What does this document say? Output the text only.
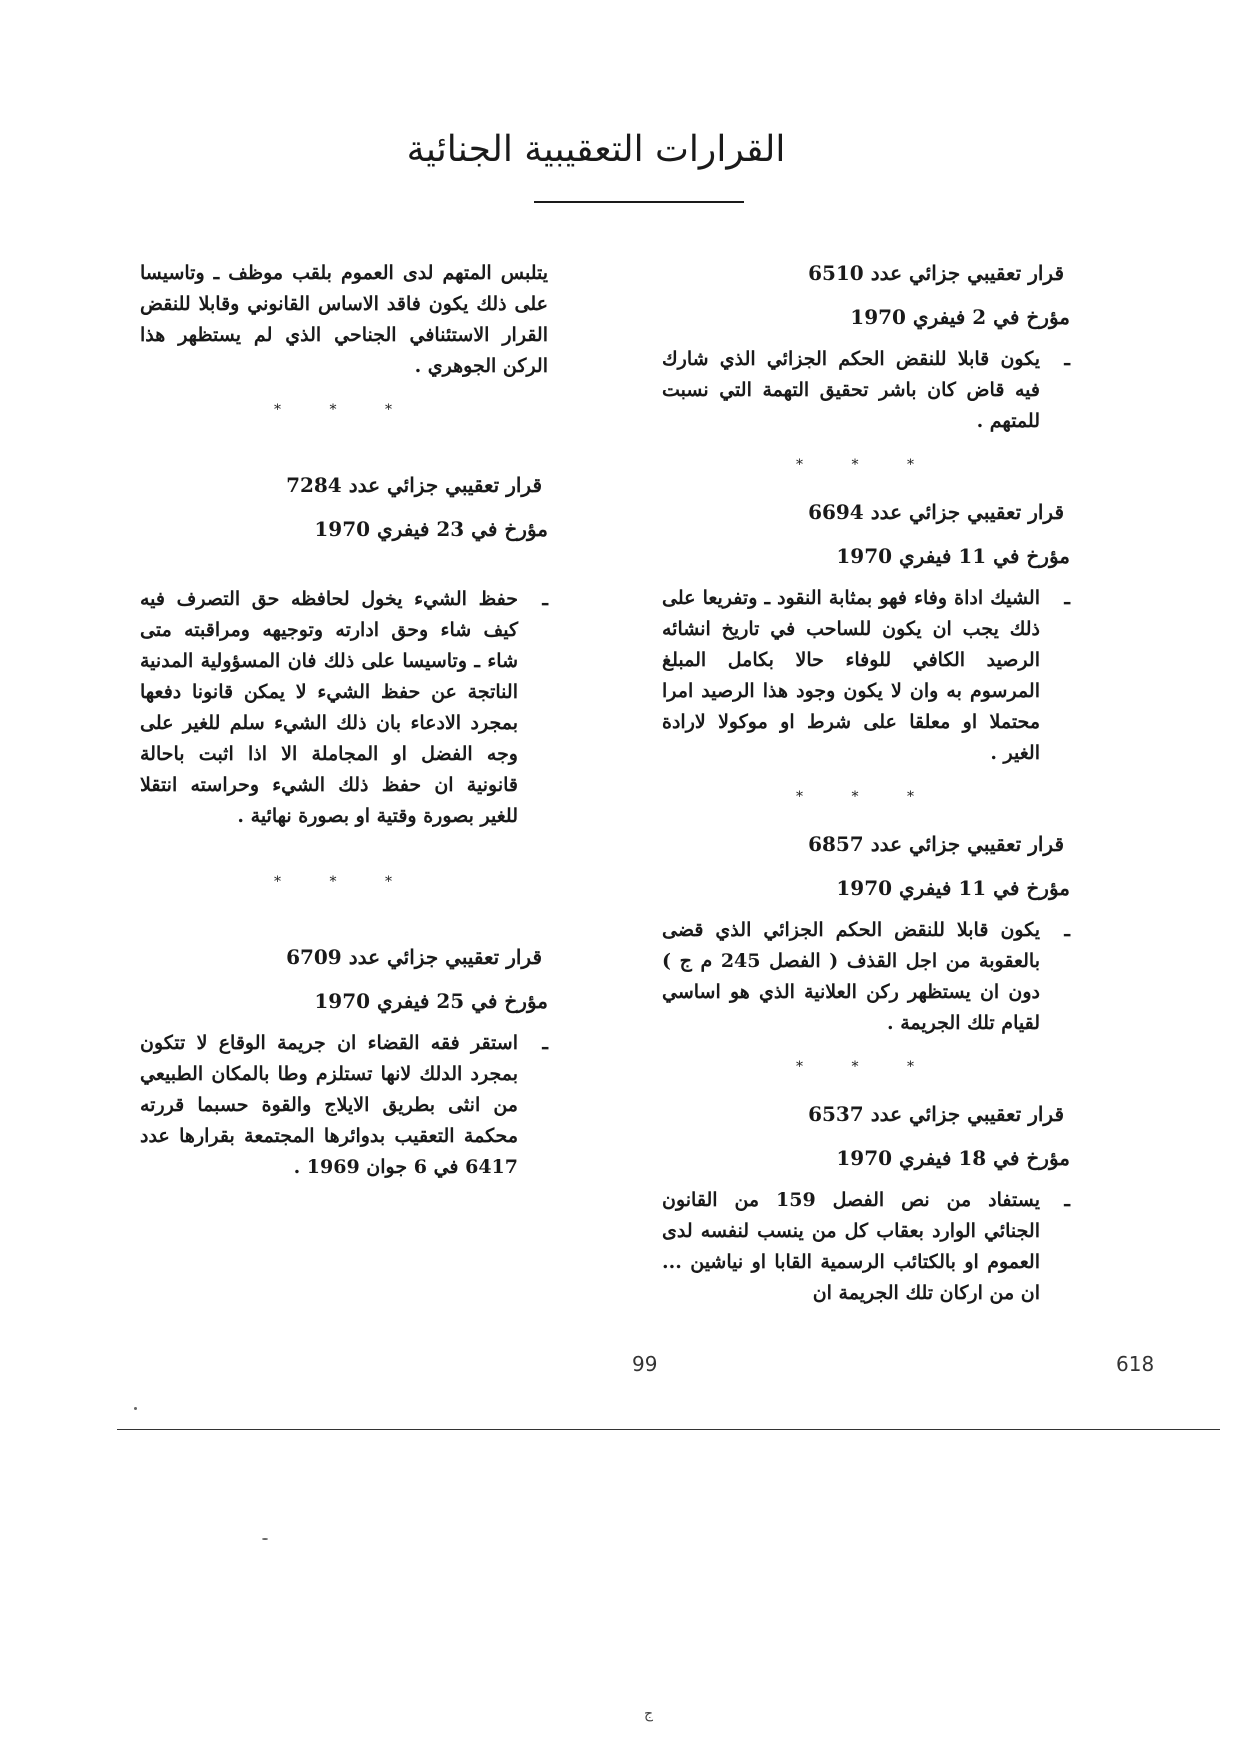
القرارات التعقيبية الجنائية
قرار تعقيبي جزائي عدد 6510
مؤرخ في 2 فيفري 1970
ـ
يكون قابلا للنقض الحكم الجزائي الذي شارك فيه قاض كان باشر تحقيق التهمة التي نسبت للمتهم .
* * *
قرار تعقيبي جزائي عدد 6694
مؤرخ في 11 فيفري 1970
ـ
الشيك اداة وفاء فهو بمثابة النقود ـ وتفريعا على ذلك يجب ان يكون للساحب في تاريخ انشائه الرصيد الكافي للوفاء حالا بكامل المبلغ المرسوم به وان لا يكون وجود هذا الرصيد امرا محتملا او معلقا على شرط او موكولا لارادة الغير .
* * *
قرار تعقيبي جزائي عدد 6857
مؤرخ في 11 فيفري 1970
ـ
يكون قابلا للنقض الحكم الجزائي الذي قضى بالعقوبة من اجل القذف ( الفصل 245 م ج ) دون ان يستظهر ركن العلانية الذي هو اساسي لقيام تلك الجريمة .
* * *
قرار تعقيبي جزائي عدد 6537
مؤرخ في 18 فيفري 1970
ـ
يستفاد من نص الفصل 159 من القانون الجنائي الوارد بعقاب كل من ينسب لنفسه لدى العموم او بالكتائب الرسمية القابا او نياشين ... ان من اركان تلك الجريمة ان
يتلبس المتهم لدى العموم بلقب موظف ـ وتاسيسا على ذلك يكون فاقد الاساس القانوني وقابلا للنقض القرار الاستئنافي الجناحي الذي لم يستظهر هذا الركن الجوهري .
* * *
قرار تعقيبي جزائي عدد 7284
مؤرخ في 23 فيفري 1970
ـ
حفظ الشيء يخول لحافظه حق التصرف فيه كيف شاء وحق ادارته وتوجيهه ومراقبته متى شاء ـ وتاسيسا على ذلك فان المسؤولية المدنية الناتجة عن حفظ الشيء لا يمكن قانونا دفعها بمجرد الادعاء بان ذلك الشيء سلم للغير على وجه الفضل او المجاملة الا اذا اثبت باحالة قانونية ان حفظ ذلك الشيء وحراسته انتقلا للغير بصورة وقتية او بصورة نهائية .
* * *
قرار تعقيبي جزائي عدد 6709
مؤرخ في 25 فيفري 1970
ـ
استقر فقه القضاء ان جريمة الوقاع لا تتكون بمجرد الدلك لانها تستلزم وطا بالمكان الطبيعي من انثى بطريق الايلاج والقوة حسبما قررته محكمة التعقيب بدوائرها المجتمعة بقرارها عدد 6417 في 6 جوان 1969 .
99	618
ج
